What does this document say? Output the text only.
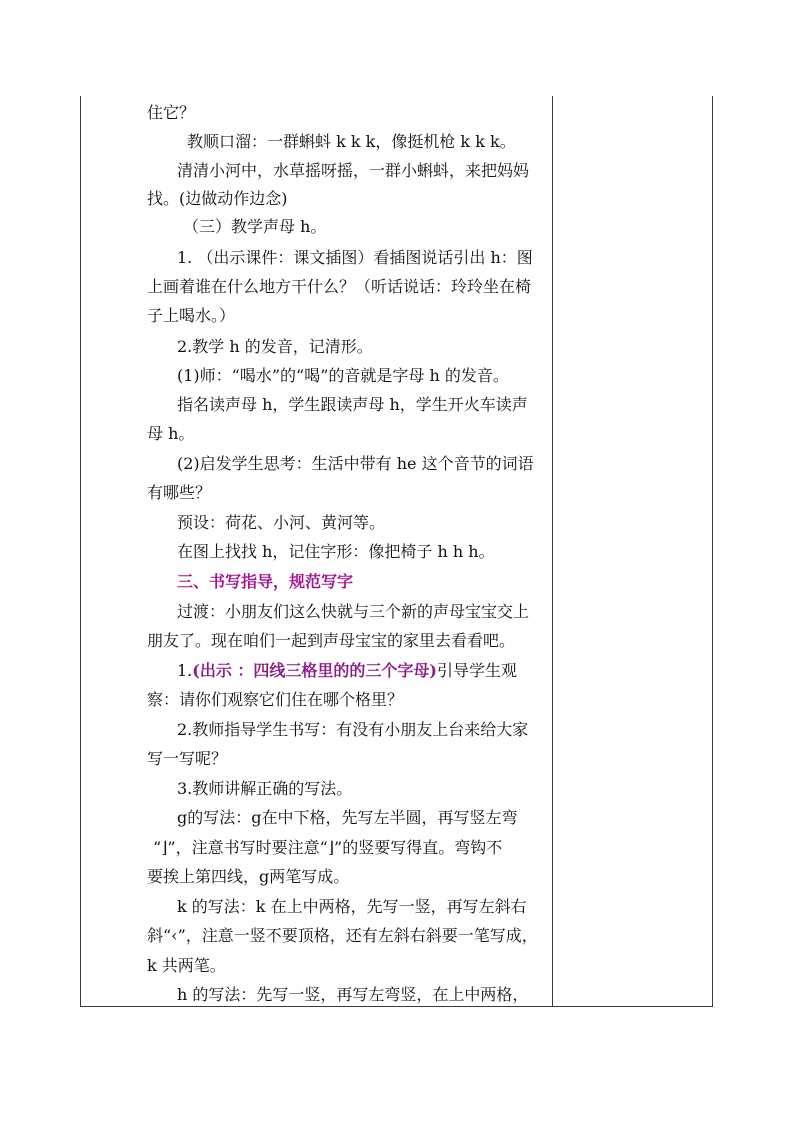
住它？
教顺口溜：一群蝌蚪 k k k，像挺机枪 k k k。
清清小河中，水草摇呀摇，一群小蝌蚪，来把妈妈
找。(边做动作边念)
（三）教学声母 h。
1. （出示课件：课文插图）看插图说话引出 h：图
上画着谁在什么地方干什么？（听话说话：玲玲坐在椅
子上喝水。）
2.教学 h 的发音，记清形。
(1)师：“喝水”的“喝”的音就是字母 h 的发音。
指名读声母 h，学生跟读声母 h，学生开火车读声
母 h。
(2)启发学生思考：生活中带有 he 这个音节的词语
有哪些？
预设：荷花、小河、黄河等。
在图上找找 h，记住字形：像把椅子 h h h。
三、书写指导，规范写字
过渡：小朋友们这么快就与三个新的声母宝宝交上
朋友了。现在咱们一起到声母宝宝的家里去看看吧。
1.(出示 ：四线三格里的的三个字母)引导学生观
察：请你们观察它们住在哪个格里？
2.教师指导学生书写：有没有小朋友上台来给大家
写一写呢？
3.教师讲解正确的写法。
g的写法：g在中下格，先写左半圆，再写竖左弯
“⌋”，注意书写时要注意“⌋”的竖要写得直。弯钩不
要挨上第四线，g两笔写成。
k 的写法：k 在上中两格，先写一竖，再写左斜右
斜“‹”，注意一竖不要顶格，还有左斜右斜要一笔写成，
k 共两笔。
h 的写法：先写一竖，再写左弯竖，在上中两格，
